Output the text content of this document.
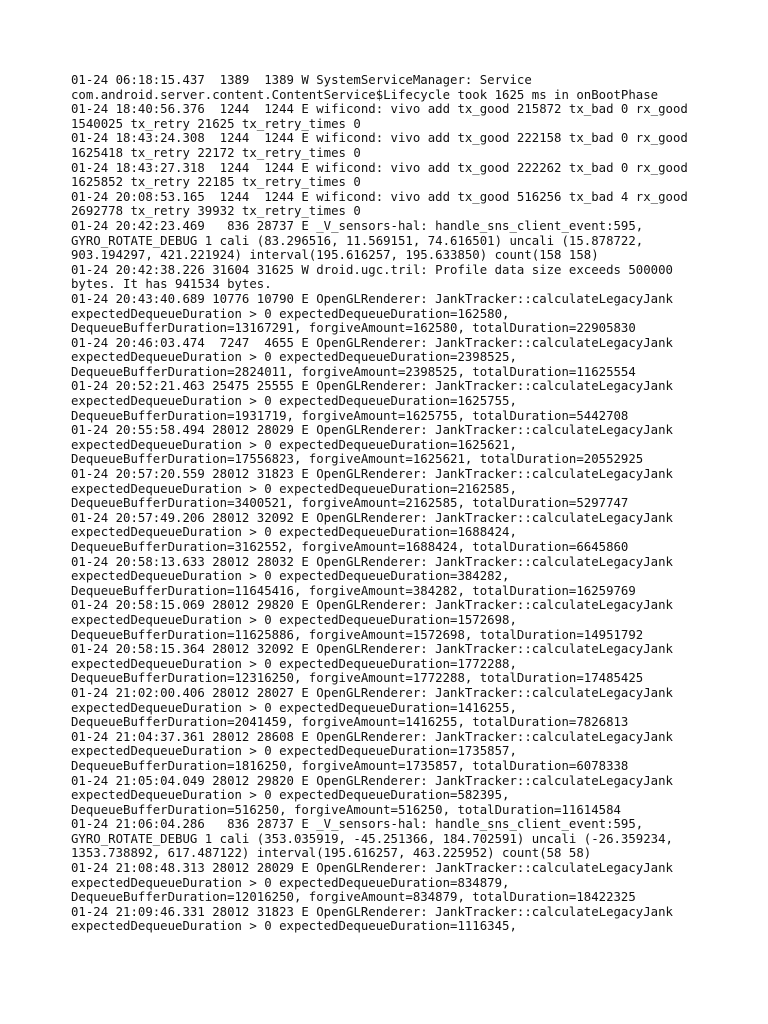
01-24 06:18:15.437  1389  1389 W SystemServiceManager: Service
com.android.server.content.ContentService$Lifecycle took 1625 ms in onBootPhase
01-24 18:40:56.376  1244  1244 E wificond: vivo add tx_good 215872 tx_bad 0 rx_good
1540025 tx_retry 21625 tx_retry_times 0
01-24 18:43:24.308  1244  1244 E wificond: vivo add tx_good 222158 tx_bad 0 rx_good
1625418 tx_retry 22172 tx_retry_times 0
01-24 18:43:27.318  1244  1244 E wificond: vivo add tx_good 222262 tx_bad 0 rx_good
1625852 tx_retry 22185 tx_retry_times 0
01-24 20:08:53.165  1244  1244 E wificond: vivo add tx_good 516256 tx_bad 4 rx_good
2692778 tx_retry 39932 tx_retry_times 0
01-24 20:42:23.469   836 28737 E _V_sensors-hal: handle_sns_client_event:595,
GYRO_ROTATE_DEBUG 1 cali (83.296516, 11.569151, 74.616501) uncali (15.878722,
903.194297, 421.221924) interval(195.616257, 195.633850) count(158 158)
01-24 20:42:38.226 31604 31625 W droid.ugc.tril: Profile data size exceeds 500000
bytes. It has 941534 bytes.
01-24 20:43:40.689 10776 10790 E OpenGLRenderer: JankTracker::calculateLegacyJank
expectedDequeueDuration > 0 expectedDequeueDuration=162580,
DequeueBufferDuration=13167291, forgiveAmount=162580, totalDuration=22905830
01-24 20:46:03.474  7247  4655 E OpenGLRenderer: JankTracker::calculateLegacyJank
expectedDequeueDuration > 0 expectedDequeueDuration=2398525,
DequeueBufferDuration=2824011, forgiveAmount=2398525, totalDuration=11625554
01-24 20:52:21.463 25475 25555 E OpenGLRenderer: JankTracker::calculateLegacyJank
expectedDequeueDuration > 0 expectedDequeueDuration=1625755,
DequeueBufferDuration=1931719, forgiveAmount=1625755, totalDuration=5442708
01-24 20:55:58.494 28012 28029 E OpenGLRenderer: JankTracker::calculateLegacyJank
expectedDequeueDuration > 0 expectedDequeueDuration=1625621,
DequeueBufferDuration=17556823, forgiveAmount=1625621, totalDuration=20552925
01-24 20:57:20.559 28012 31823 E OpenGLRenderer: JankTracker::calculateLegacyJank
expectedDequeueDuration > 0 expectedDequeueDuration=2162585,
DequeueBufferDuration=3400521, forgiveAmount=2162585, totalDuration=5297747
01-24 20:57:49.206 28012 32092 E OpenGLRenderer: JankTracker::calculateLegacyJank
expectedDequeueDuration > 0 expectedDequeueDuration=1688424,
DequeueBufferDuration=3162552, forgiveAmount=1688424, totalDuration=6645860
01-24 20:58:13.633 28012 28032 E OpenGLRenderer: JankTracker::calculateLegacyJank
expectedDequeueDuration > 0 expectedDequeueDuration=384282,
DequeueBufferDuration=11645416, forgiveAmount=384282, totalDuration=16259769
01-24 20:58:15.069 28012 29820 E OpenGLRenderer: JankTracker::calculateLegacyJank
expectedDequeueDuration > 0 expectedDequeueDuration=1572698,
DequeueBufferDuration=11625886, forgiveAmount=1572698, totalDuration=14951792
01-24 20:58:15.364 28012 32092 E OpenGLRenderer: JankTracker::calculateLegacyJank
expectedDequeueDuration > 0 expectedDequeueDuration=1772288,
DequeueBufferDuration=12316250, forgiveAmount=1772288, totalDuration=17485425
01-24 21:02:00.406 28012 28027 E OpenGLRenderer: JankTracker::calculateLegacyJank
expectedDequeueDuration > 0 expectedDequeueDuration=1416255,
DequeueBufferDuration=2041459, forgiveAmount=1416255, totalDuration=7826813
01-24 21:04:37.361 28012 28608 E OpenGLRenderer: JankTracker::calculateLegacyJank
expectedDequeueDuration > 0 expectedDequeueDuration=1735857,
DequeueBufferDuration=1816250, forgiveAmount=1735857, totalDuration=6078338
01-24 21:05:04.049 28012 29820 E OpenGLRenderer: JankTracker::calculateLegacyJank
expectedDequeueDuration > 0 expectedDequeueDuration=582395,
DequeueBufferDuration=516250, forgiveAmount=516250, totalDuration=11614584
01-24 21:06:04.286   836 28737 E _V_sensors-hal: handle_sns_client_event:595,
GYRO_ROTATE_DEBUG 1 cali (353.035919, -45.251366, 184.702591) uncali (-26.359234,
1353.738892, 617.487122) interval(195.616257, 463.225952) count(58 58)
01-24 21:08:48.313 28012 28029 E OpenGLRenderer: JankTracker::calculateLegacyJank
expectedDequeueDuration > 0 expectedDequeueDuration=834879,
DequeueBufferDuration=12016250, forgiveAmount=834879, totalDuration=18422325
01-24 21:09:46.331 28012 31823 E OpenGLRenderer: JankTracker::calculateLegacyJank
expectedDequeueDuration > 0 expectedDequeueDuration=1116345,
